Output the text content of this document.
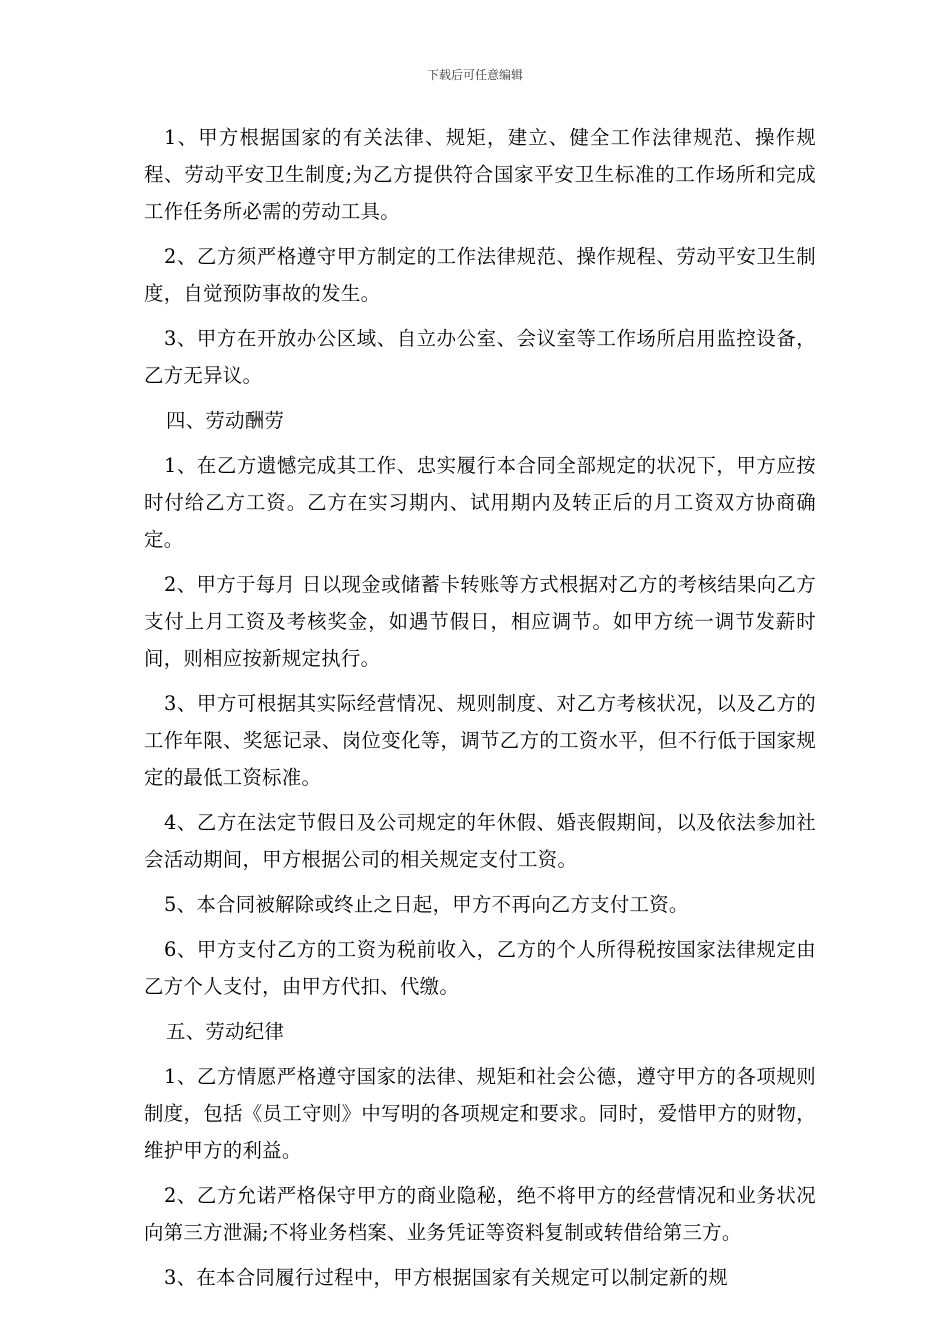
下载后可任意编辑

1、甲方根据国家的有关法律、规矩，建立、健全工作法律规范、操作规程、劳动平安卫生制度;为乙方提供符合国家平安卫生标准的工作场所和完成工作任务所必需的劳动工具。

2、乙方须严格遵守甲方制定的工作法律规范、操作规程、劳动平安卫生制度，自觉预防事故的发生。

3、甲方在开放办公区域、自立办公室、会议室等工作场所启用监控设备，乙方无异议。

四、劳动酬劳

1、在乙方遗憾完成其工作、忠实履行本合同全部规定的状况下，甲方应按时付给乙方工资。乙方在实习期内、试用期内及转正后的月工资双方协商确定。

2、甲方于每月 日以现金或储蓄卡转账等方式根据对乙方的考核结果向乙方支付上月工资及考核奖金，如遇节假日，相应调节。如甲方统一调节发薪时间，则相应按新规定执行。

3、甲方可根据其实际经营情况、规则制度、对乙方考核状况，以及乙方的工作年限、奖惩记录、岗位变化等，调节乙方的工资水平，但不行低于国家规定的最低工资标准。

4、乙方在法定节假日及公司规定的年休假、婚丧假期间，以及依法参加社会活动期间，甲方根据公司的相关规定支付工资。

5、本合同被解除或终止之日起，甲方不再向乙方支付工资。

6、甲方支付乙方的工资为税前收入，乙方的个人所得税按国家法律规定由乙方个人支付，由甲方代扣、代缴。

五、劳动纪律

1、乙方情愿严格遵守国家的法律、规矩和社会公德，遵守甲方的各项规则制度，包括《员工守则》中写明的各项规定和要求。同时，爱惜甲方的财物，维护甲方的利益。

2、乙方允诺严格保守甲方的商业隐秘，绝不将甲方的经营情况和业务状况向第三方泄漏;不将业务档案、业务凭证等资料复制或转借给第三方。

3、在本合同履行过程中，甲方根据国家有关规定可以制定新的规
